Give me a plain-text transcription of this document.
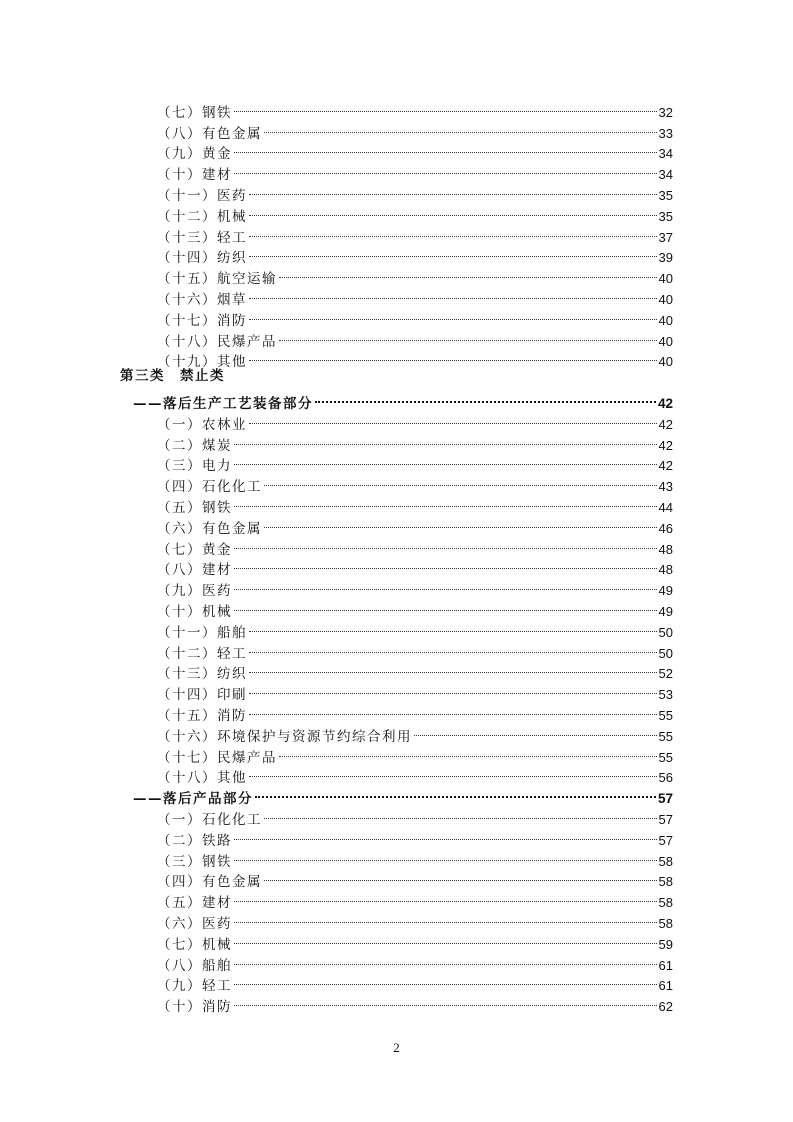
（七）钢铁	32
（八）有色金属	33
（九）黄金	34
（十）建材	34
（十一）医药	35
（十二）机械	35
（十三）轻工	37
（十四）纺织	39
（十五）航空运输	40
（十六）烟草	40
（十七）消防	40
（十八）民爆产品	40
（十九）其他	40
第三类　禁止类
——落后生产工艺装备部分	42
（一）农林业	42
（二）煤炭	42
（三）电力	42
（四）石化化工	43
（五）钢铁	44
（六）有色金属	46
（七）黄金	48
（八）建材	48
（九）医药	49
（十）机械	49
（十一）船舶	50
（十二）轻工	50
（十三）纺织	52
（十四）印刷	53
（十五）消防	55
（十六）环境保护与资源节约综合利用	55
（十七）民爆产品	55
（十八）其他	56
——落后产品部分	57
（一）石化化工	57
（二）铁路	57
（三）钢铁	58
（四）有色金属	58
（五）建材	58
（六）医药	58
（七）机械	59
（八）船舶	61
（九）轻工	61
（十）消防	62
2
